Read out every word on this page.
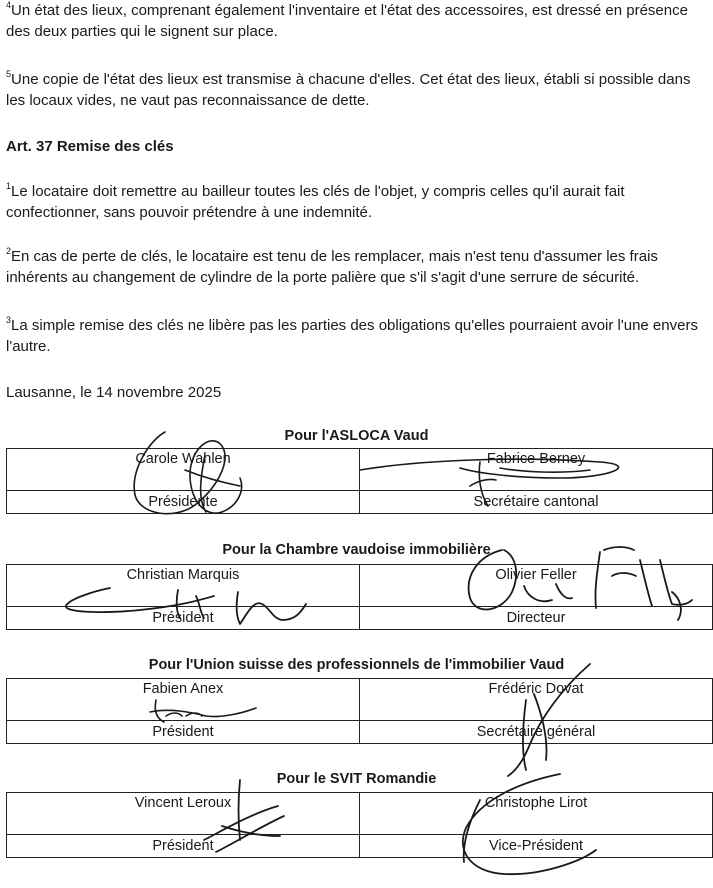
$^4$Un état des lieux, comprenant également l'inventaire et l'état des accessoires, est dressé en présence des deux parties qui le signent sur place.

$^5$Une copie de l'état des lieux est transmise à chacune d'elles. Cet état des lieux, établi si possible dans les locaux vides, ne vaut pas reconnaissance de dette.

Art. 37 Remise des clés

$^1$Le locataire doit remettre au bailleur toutes les clés de l'objet, y compris celles qu'il aurait fait confectionner, sans pouvoir prétendre à une indemnité.

$^2$En cas de perte de clés, le locataire est tenu de les remplacer, mais n'est tenu d'assumer les frais inhérents au changement de cylindre de la porte palière que s'il s'agit d'une serrure de sécurité.

$^3$La simple remise des clés ne libère pas les parties des obligations qu'elles pourraient avoir l'une envers l'autre.

Lausanne, le 14 novembre 2025

Pour l'ASLOCA Vaud
Carole Wahlen	Fabrice Berney
Présidente	Secrétaire cantonal
Pour la Chambre vaudoise immobilière
Christian Marquis	Olivier Feller
Président	Directeur
Pour l'Union suisse des professionnels de l'immobilier Vaud
Fabien Anex	Frédéric Dovat
Président	Secrétaire général
Pour le SVIT Romandie
Vincent Leroux	Christophe Lirot
Président	Vice-Président
